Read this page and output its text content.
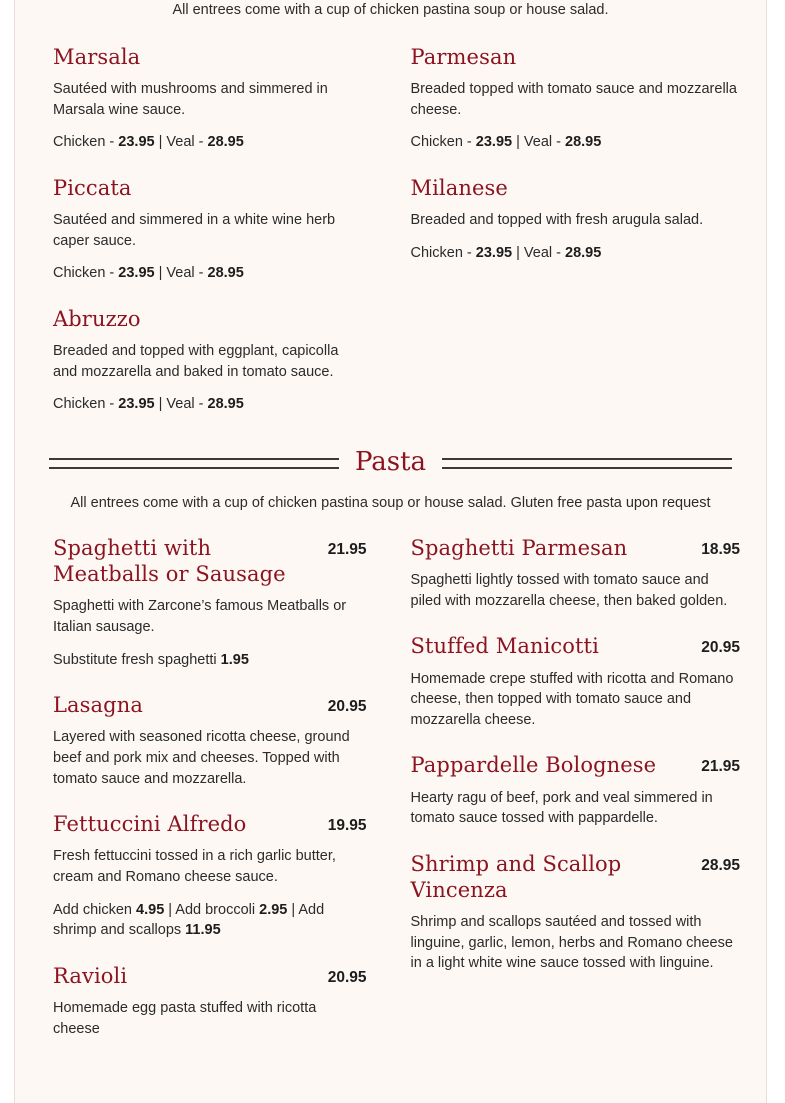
All entrees come with a cup of chicken pastina soup or house salad.
Marsala
Sautéed with mushrooms and simmered in Marsala wine sauce.
Chicken - 23.95 | Veal - 28.95
Piccata
Sautéed and simmered in a white wine herb caper sauce.
Chicken - 23.95 | Veal - 28.95
Abruzzo
Breaded and topped with eggplant, capicolla and mozzarella and baked in tomato sauce.
Chicken - 23.95 | Veal - 28.95
Parmesan
Breaded topped with tomato sauce and mozzarella cheese.
Chicken - 23.95 | Veal - 28.95
Milanese
Breaded and topped with fresh arugula salad.
Chicken - 23.95 | Veal - 28.95
Pasta
All entrees come with a cup of chicken pastina soup or house salad. Gluten free pasta upon request
Spaghetti with Meatballs or Sausage
21.95
Spaghetti with Zarcone’s famous Meatballs or Italian sausage.
Substitute fresh spaghetti 1.95
Lasagna	20.95
Layered with seasoned ricotta cheese, ground beef and pork mix and cheeses. Topped with tomato sauce and mozzarella.
Fettuccini Alfredo	19.95
Fresh fettuccini tossed in a rich garlic butter, cream and Romano cheese sauce.
Add chicken 4.95 | Add broccoli 2.95 | Add shrimp and scallops 11.95
Ravioli	20.95
Homemade egg pasta stuffed with ricotta cheese
Spaghetti Parmesan	18.95
Spaghetti lightly tossed with tomato sauce and piled with mozzarella cheese, then baked golden.
Stuffed Manicotti	20.95
Homemade crepe stuffed with ricotta and Romano cheese, then topped with tomato sauce and mozzarella cheese.
Pappardelle Bolognese	21.95
Hearty ragu of beef, pork and veal simmered in tomato sauce tossed with pappardelle.
Shrimp and Scallop Vincenza
28.95
Shrimp and scallops sautéed and tossed with linguine, garlic, lemon, herbs and Romano cheese in a light white wine sauce tossed with linguine.
